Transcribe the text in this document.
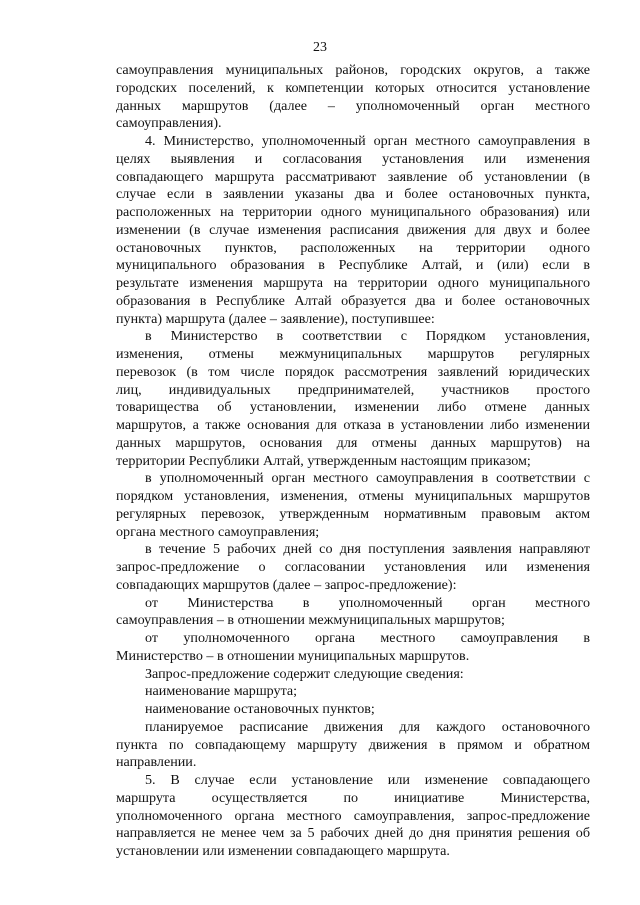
23
самоуправления муниципальных районов, городских округов, а также
городских поселений, к компетенции которых относится установление
данных маршрутов (далее – уполномоченный орган местного
самоуправления).
4. Министерство, уполномоченный орган местного самоуправления в
целях выявления и согласования установления или изменения
совпадающего маршрута рассматривают заявление об установлении (в
случае если в заявлении указаны два и более остановочных пункта,
расположенных на территории одного муниципального образования) или
изменении (в случае изменения расписания движения для двух и более
остановочных пунктов, расположенных на территории одного
муниципального образования в Республике Алтай, и (или) если в
результате изменения маршрута на территории одного муниципального
образования в Республике Алтай образуется два и более остановочных
пункта) маршрута (далее – заявление), поступившее:
в Министерство в соответствии с Порядком установления,
изменения, отмены межмуниципальных маршрутов регулярных
перевозок (в том числе порядок рассмотрения заявлений юридических
лиц, индивидуальных предпринимателей, участников простого
товарищества об установлении, изменении либо отмене данных
маршрутов, а также основания для отказа в установлении либо изменении
данных маршрутов, основания для отмены данных маршрутов) на
территории Республики Алтай, утвержденным настоящим приказом;
в уполномоченный орган местного самоуправления в соответствии с
порядком установления, изменения, отмены муниципальных маршрутов
регулярных перевозок, утвержденным нормативным правовым актом
органа местного самоуправления;
в течение 5 рабочих дней со дня поступления заявления направляют
запрос-предложение о согласовании установления или изменения
совпадающих маршрутов (далее – запрос-предложение):
от Министерства в уполномоченный орган местного
самоуправления – в отношении межмуниципальных маршрутов;
от уполномоченного органа местного самоуправления в
Министерство – в отношении муниципальных маршрутов.
Запрос-предложение содержит следующие сведения:
наименование маршрута;
наименование остановочных пунктов;
планируемое расписание движения для каждого остановочного
пункта по совпадающему маршруту движения в прямом и обратном
направлении.
5. В случае если установление или изменение совпадающего
маршрута осуществляется по инициативе Министерства,
уполномоченного органа местного самоуправления, запрос-предложение
направляется не менее чем за 5 рабочих дней до дня принятия решения об
установлении или изменении совпадающего маршрута.
